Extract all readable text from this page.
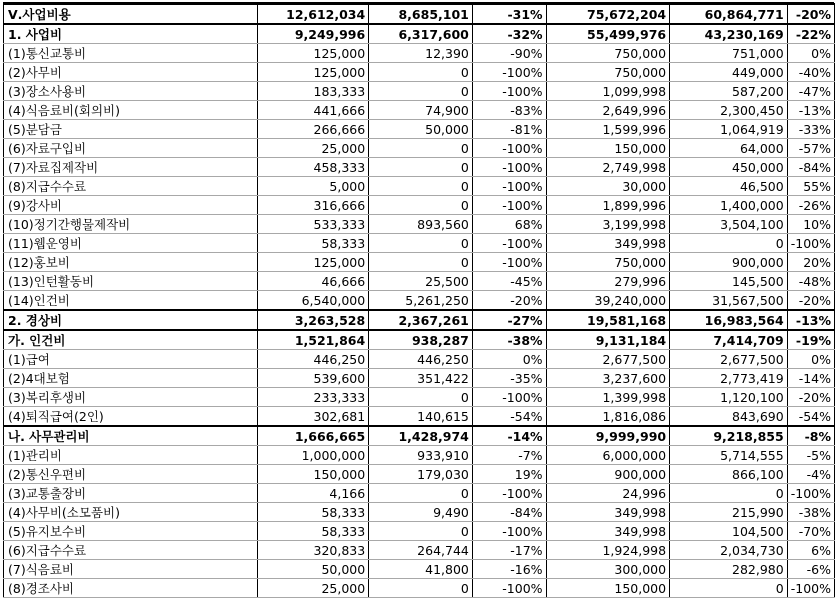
Ⅴ.사업비용	12,612,034	8,685,101	-31%	75,672,204	60,864,771	-20%
1. 사업비	9,249,996	6,317,600	-32%	55,499,976	43,230,169	-22%
(1)통신교통비	125,000	12,390	-90%	750,000	751,000	0%
(2)사무비	125,000	0	-100%	750,000	449,000	-40%
(3)장소사용비	183,333	0	-100%	1,099,998	587,200	-47%
(4)식음료비(회의비)	441,666	74,900	-83%	2,649,996	2,300,450	-13%
(5)분담금	266,666	50,000	-81%	1,599,996	1,064,919	-33%
(6)자료구입비	25,000	0	-100%	150,000	64,000	-57%
(7)자료집제작비	458,333	0	-100%	2,749,998	450,000	-84%
(8)지급수수료	5,000	0	-100%	30,000	46,500	55%
(9)강사비	316,666	0	-100%	1,899,996	1,400,000	-26%
(10)정기간행물제작비	533,333	893,560	68%	3,199,998	3,504,100	10%
(11)웹운영비	58,333	0	-100%	349,998	0	-100%
(12)홍보비	125,000	0	-100%	750,000	900,000	20%
(13)인턴활동비	46,666	25,500	-45%	279,996	145,500	-48%
(14)인건비	6,540,000	5,261,250	-20%	39,240,000	31,567,500	-20%
2. 경상비	3,263,528	2,367,261	-27%	19,581,168	16,983,564	-13%
가. 인건비	1,521,864	938,287	-38%	9,131,184	7,414,709	-19%
(1)급여	446,250	446,250	0%	2,677,500	2,677,500	0%
(2)4대보험	539,600	351,422	-35%	3,237,600	2,773,419	-14%
(3)복리후생비	233,333	0	-100%	1,399,998	1,120,100	-20%
(4)퇴직급여(2인)	302,681	140,615	-54%	1,816,086	843,690	-54%
나. 사무관리비	1,666,665	1,428,974	-14%	9,999,990	9,218,855	-8%
(1)관리비	1,000,000	933,910	-7%	6,000,000	5,714,555	-5%
(2)통신우편비	150,000	179,030	19%	900,000	866,100	-4%
(3)교통출장비	4,166	0	-100%	24,996	0	-100%
(4)사무비(소모품비)	58,333	9,490	-84%	349,998	215,990	-38%
(5)유지보수비	58,333	0	-100%	349,998	104,500	-70%
(6)지급수수료	320,833	264,744	-17%	1,924,998	2,034,730	6%
(7)식음료비	50,000	41,800	-16%	300,000	282,980	-6%
(8)경조사비	25,000	0	-100%	150,000	0	-100%
